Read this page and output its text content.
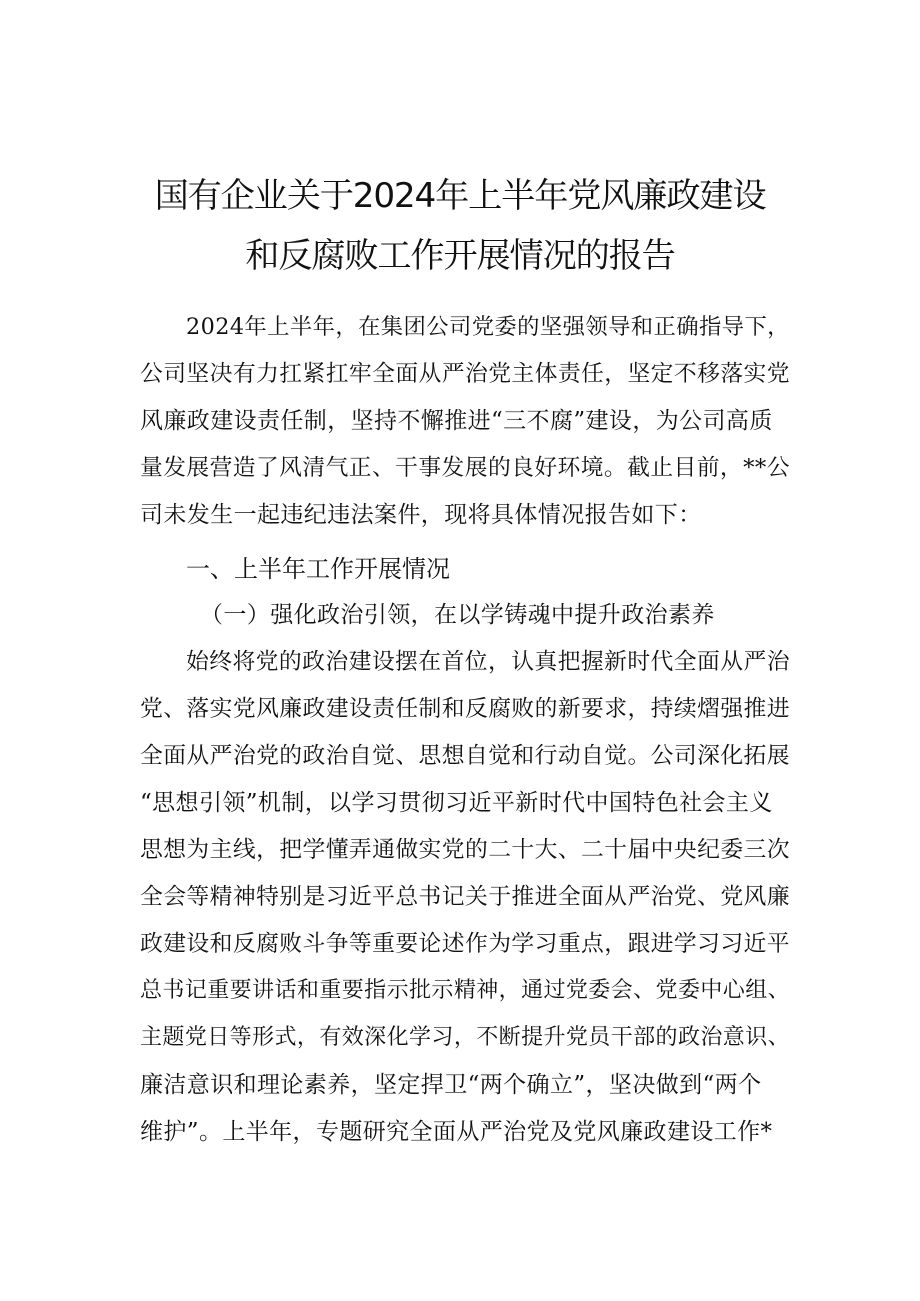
国有企业关于2024年上半年党风廉政建设
和反腐败工作开展情况的报告
2024年上半年，在集团公司党委的坚强领导和正确指导下，
公司坚决有力扛紧扛牢全面从严治党主体责任，坚定不移落实党
风廉政建设责任制，坚持不懈推进“三不腐”建设，为公司高质
量发展营造了风清气正、干事发展的良好环境。截止目前，**公
司未发生一起违纪违法案件，现将具体情况报告如下：
一、上半年工作开展情况
（一）强化政治引领，在以学铸魂中提升政治素养
始终将党的政治建设摆在首位，认真把握新时代全面从严治
党、落实党风廉政建设责任制和反腐败的新要求，持续熠强推进
全面从严治党的政治自觉、思想自觉和行动自觉。公司深化拓展
“思想引领”机制，以学习贯彻习近平新时代中国特色社会主义
思想为主线，把学懂弄通做实党的二十大、二十届中央纪委三次
全会等精神特别是习近平总书记关于推进全面从严治党、党风廉
政建设和反腐败斗争等重要论述作为学习重点，跟进学习习近平
总书记重要讲话和重要指示批示精神，通过党委会、党委中心组、
主题党日等形式，有效深化学习，不断提升党员干部的政治意识、
廉洁意识和理论素养，坚定捍卫“两个确立”，坚决做到“两个
维护”。上半年，专题研究全面从严治党及党风廉政建设工作*
